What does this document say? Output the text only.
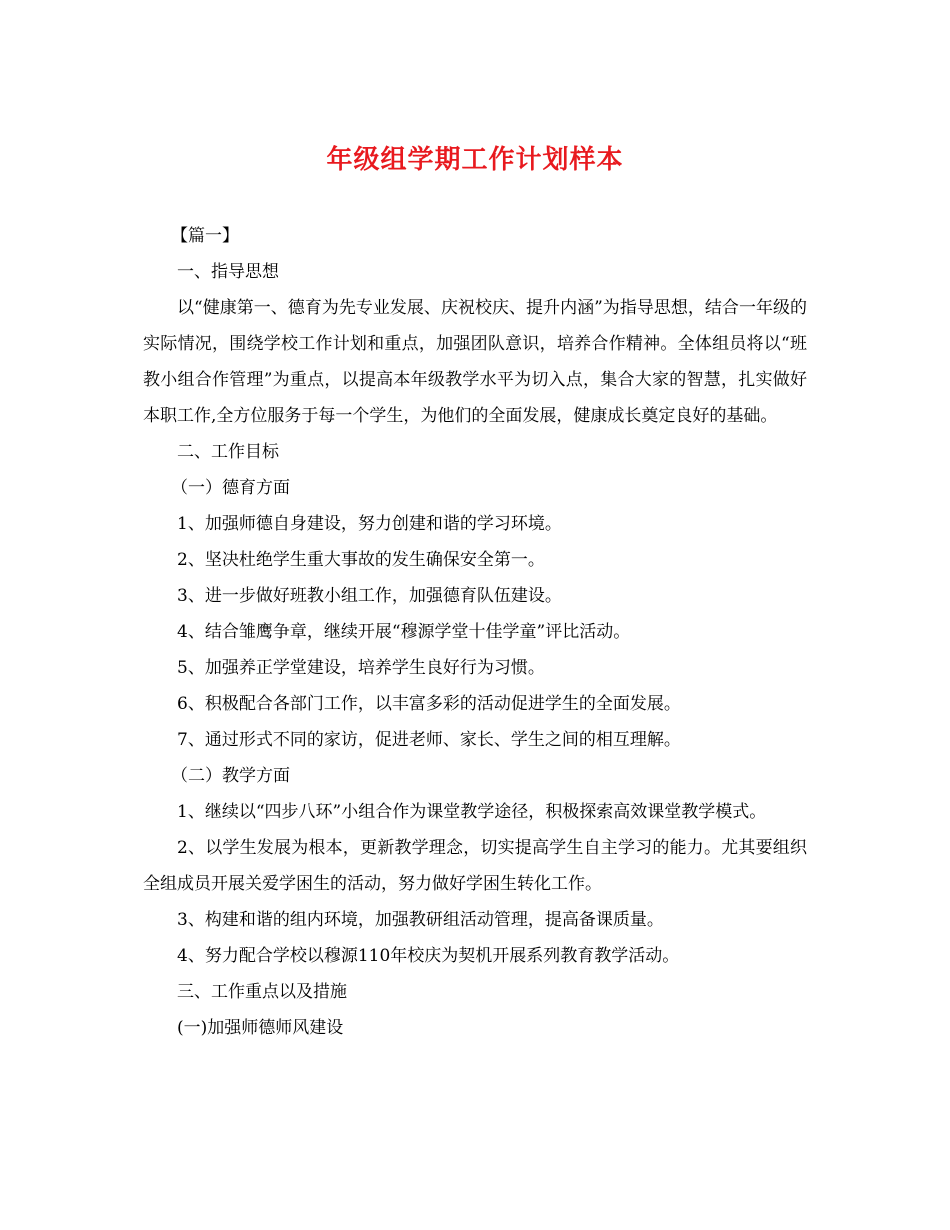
年级组学期工作计划样本

【篇一】

一、指导思想

以“健康第一、德育为先专业发展、庆祝校庆、提升内涵”为指导思想，结合一年级的实际情况，围绕学校工作计划和重点，加强团队意识，培养合作精神。全体组员将以“班教小组合作管理”为重点，以提高本年级教学水平为切入点，集合大家的智慧，扎实做好本职工作,全方位服务于每一个学生，为他们的全面发展，健康成长奠定良好的基础。

二、工作目标

（一）德育方面

1、加强师德自身建设，努力创建和谐的学习环境。

2、坚决杜绝学生重大事故的发生确保安全第一。

3、进一步做好班教小组工作，加强德育队伍建设。

4、结合雏鹰争章，继续开展“穆源学堂十佳学童”评比活动。

5、加强养正学堂建设，培养学生良好行为习惯。

6、积极配合各部门工作，以丰富多彩的活动促进学生的全面发展。

7、通过形式不同的家访，促进老师、家长、学生之间的相互理解。

（二）教学方面

1、继续以“四步八环”小组合作为课堂教学途径，积极探索高效课堂教学模式。

2、以学生发展为根本，更新教学理念，切实提高学生自主学习的能力。尤其要组织全组成员开展关爱学困生的活动，努力做好学困生转化工作。

3、构建和谐的组内环境，加强教研组活动管理，提高备课质量。

4、努力配合学校以穆源110年校庆为契机开展系列教育教学活动。

三、工作重点以及措施

(一)加强师德师风建设
